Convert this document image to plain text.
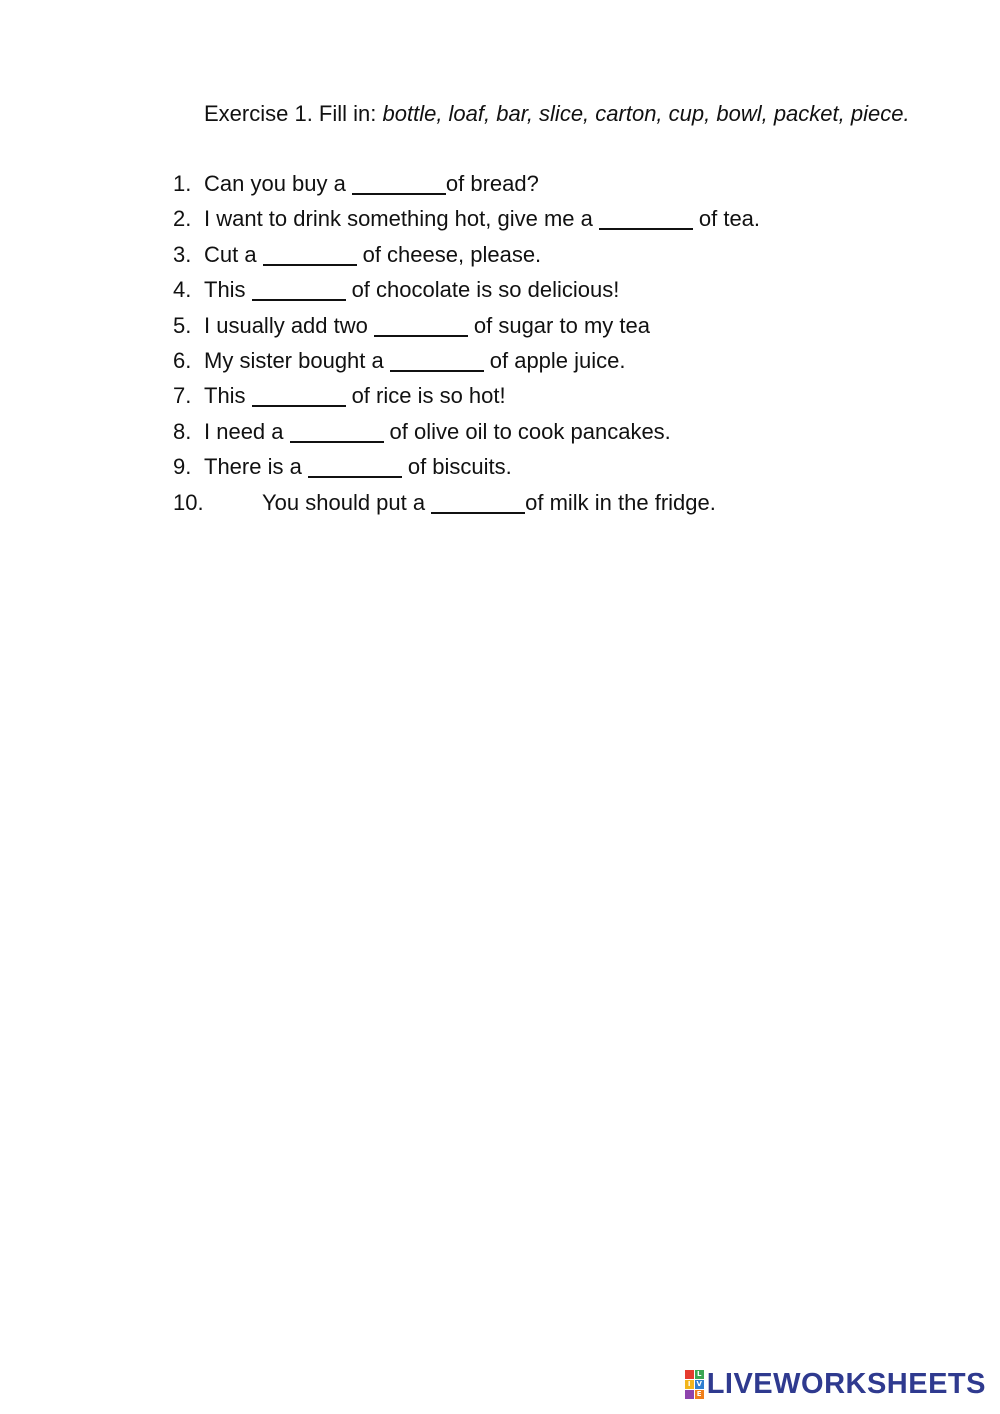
Exercise 1. Fill in: bottle, loaf, bar, slice, carton, cup, bowl, packet, piece.
1. Can you buy a	of bread?
2. I want to drink something hot, give me a	of tea.
3. Cut a	of cheese, please.
4. This	of chocolate is so delicious!
5. I usually add two	of sugar to my tea
6. My sister bought a	of apple juice.
7. This	of rice is so hot!
8. I need a	of olive oil to cook pancakes.
9. There is a	of biscuits.
10.	You should put a	of milk in the fridge.
L
I V
E LIVEWORKSHEETS
